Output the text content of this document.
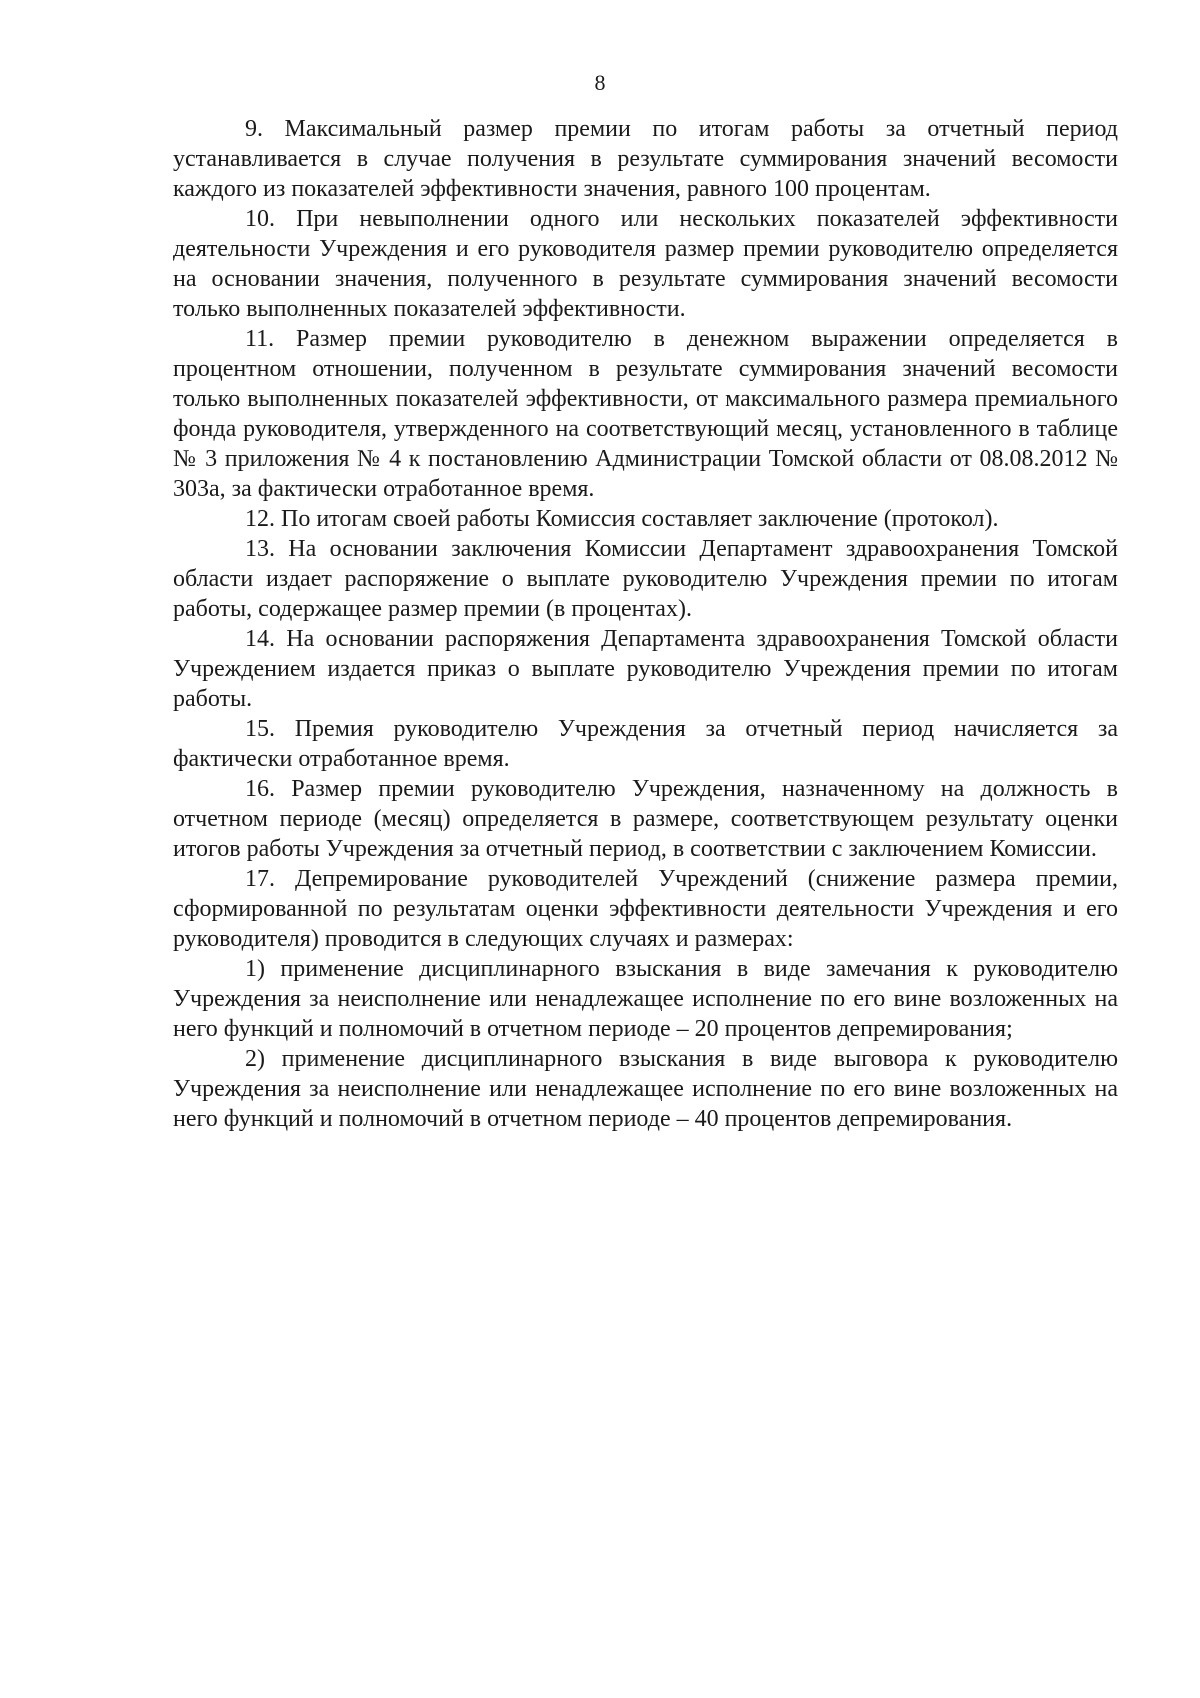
8

9. Максимальный размер премии по итогам работы за отчетный период устанавливается в случае получения в результате суммирования значений весомости каждого из показателей эффективности значения, равного 100 процентам.

10. При невыполнении одного или нескольких показателей эффективности деятельности Учреждения и его руководителя размер премии руководителю определяется на основании значения, полученного в результате суммирования значений весомости только выполненных показателей эффективности.

11. Размер премии руководителю в денежном выражении определяется в процентном отношении, полученном в результате суммирования значений весомости только выполненных показателей эффективности, от максимального размера премиального фонда руководителя, утвержденного на соответствующий месяц, установленного в таблице № 3 приложения № 4 к постановлению Администрации Томской области от 08.08.2012 № 303а, за фактически отработанное время.

12. По итогам своей работы Комиссия составляет заключение (протокол).

13. На основании заключения Комиссии Департамент здравоохранения Томской области издает распоряжение о выплате руководителю Учреждения премии по итогам работы, содержащее размер премии (в процентах).

14. На основании распоряжения Департамента здравоохранения Томской области Учреждением издается приказ о выплате руководителю Учреждения премии по итогам работы.

15. Премия руководителю Учреждения за отчетный период начисляется за фактически отработанное время.

16. Размер премии руководителю Учреждения, назначенному на должность в отчетном периоде (месяц) определяется в размере, соответствующем результату оценки итогов работы Учреждения за отчетный период, в соответствии с заключением Комиссии.

17. Депремирование руководителей Учреждений (снижение размера премии, сформированной по результатам оценки эффективности деятельности Учреждения и его руководителя) проводится в следующих случаях и размерах:

1) применение дисциплинарного взыскания в виде замечания к руководителю Учреждения за неисполнение или ненадлежащее исполнение по его вине возложенных на него функций и полномочий в отчетном периоде – 20 процентов депремирования;

2) применение дисциплинарного взыскания в виде выговора к руководителю Учреждения за неисполнение или ненадлежащее исполнение по его вине возложенных на него функций и полномочий в отчетном периоде – 40 процентов депремирования.
